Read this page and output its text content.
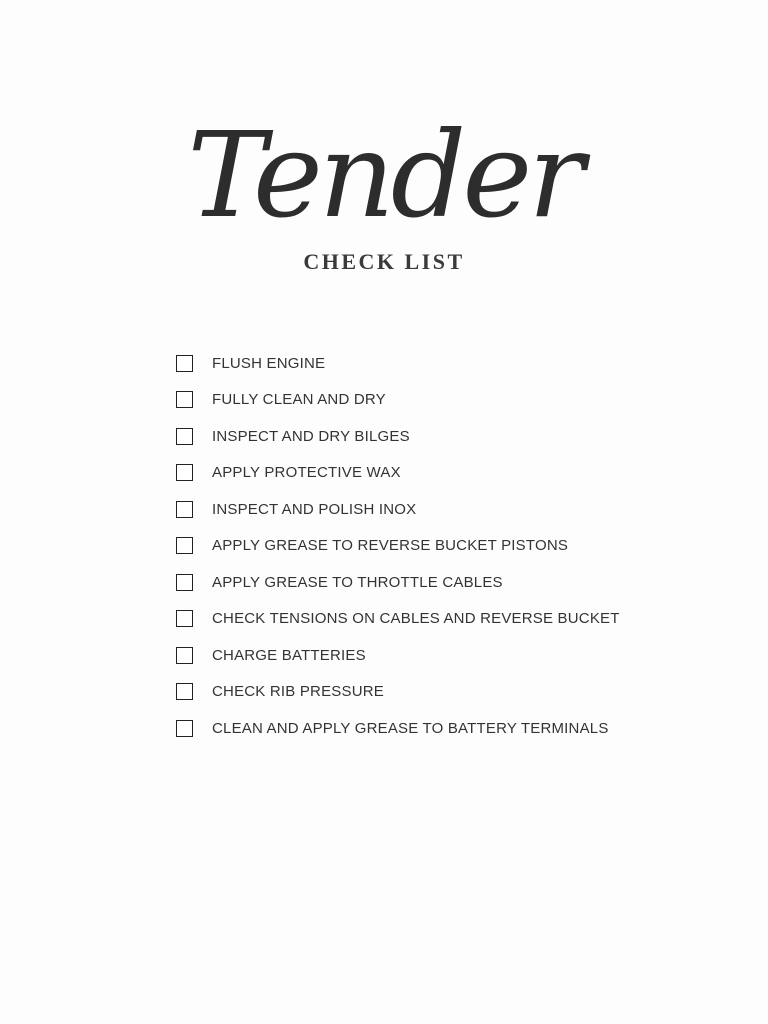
Tender
CHECK LIST
FLUSH ENGINE
FULLY CLEAN AND DRY
INSPECT AND DRY BILGES
APPLY PROTECTIVE WAX
INSPECT AND POLISH INOX
APPLY GREASE TO REVERSE BUCKET PISTONS
APPLY GREASE TO THROTTLE CABLES
CHECK TENSIONS ON CABLES AND REVERSE BUCKET
CHARGE BATTERIES
CHECK RIB PRESSURE
CLEAN AND APPLY GREASE TO BATTERY TERMINALS
